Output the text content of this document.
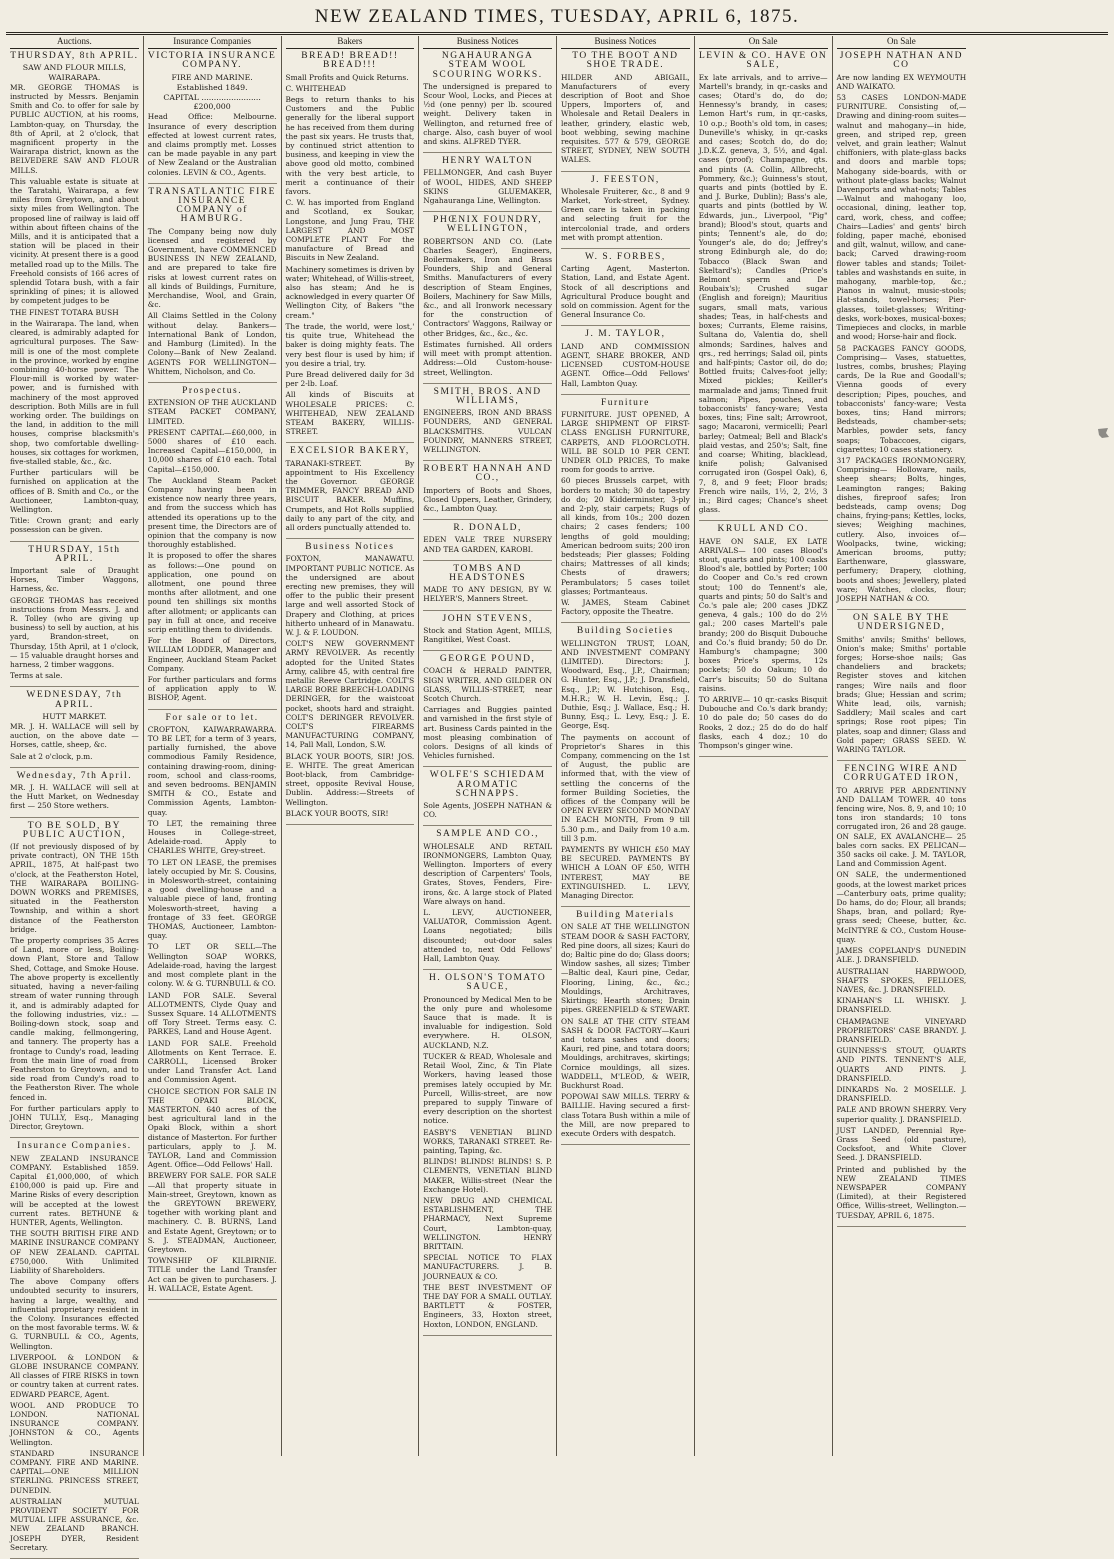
NEW ZEALAND TIMES, TUESDAY, APRIL 6, 1875.
Auctions.
THURSDAY, 8th APRIL.
SAW AND FLOUR MILLS, WAIRARAPA.

MR. GEORGE THOMAS is instructed by Messrs. Benjamin Smith and Co. to offer for sale by PUBLIC AUCTION, at his rooms, Lambton-quay, on Thursday, the 8th of April, at 2 o'clock, that magnificent property in the Wairarapa district, known as the BELVEDERE SAW AND FLOUR MILLS.

This valuable estate is situate at the Taratahi, Wairarapa, a few miles from Greytown, and about sixty miles from Wellington. The proposed line of railway is laid off within about fifteen chains of the Mills, and it is anticipated that a station will be placed in their vicinity. At present there is a good metalled road up to the Mills. The Freehold consists of 166 acres of splendid Totara bush, with a fair sprinkling of pines; it is allowed by competent judges to be

THE FINEST TOTARA BUSH

in the Wairarapa. The land, when cleared, is admirably adapted for agricultural purposes. The Saw-mill is one of the most complete in the province, worked by engine combining 40-horse power. The Flour-mill is worked by water-power, and is furnished with machinery of the most approved description. Both Mills are in full working order. The buildings on the land, in addition to the mill houses, comprise blacksmith's shop, two comfortable dwelling-houses, six cottages for workmen, five-stalled stable, &c., &c.

Further particulars will be furnished on application at the offices of B. Smith and Co., or the Auctioneer, Lambton-quay, Wellington.

Title: Crown grant; and early possession can be given.

THURSDAY, 15th APRIL.

Important sale of Draught Horses, Timber Waggons, Harness, &c.

GEORGE THOMAS has received instructions from Messrs. J. and R. Tolley (who are giving up business) to sell by auction, at his yard, Brandon-street, on Thursday, 15th April, at 1 o'clock, — 15 valuable draught horses and harness, 2 timber waggons.

Terms at sale.

WEDNESDAY, 7th APRIL.
HUTT MARKET.

MR. J. H. WALLACE will sell by auction, on the above date — Horses, cattle, sheep, &c.

Sale at 2 o'clock, p.m.

Wednesday, 7th April.

MR. J. H. WALLACE will sell at the Hutt Market, on Wednesday first — 250 Store wethers.

TO BE SOLD, BY PUBLIC AUCTION,

(If not previously disposed of by private contract), ON THE 15th APRIL, 1875, At half-past two o'clock, at the Featherston Hotel, THE WAIRARAPA BOILING-DOWN WORKS and PREMISES, situated in the Featherston Township, and within a short distance of the Featherston bridge.

The property comprises 35 Acres of Land, more or less, Boiling-down Plant, Store and Tallow Shed, Cottage, and Smoke House. The above property is excellently situated, having a never-failing stream of water running through it, and is admirably adapted for the following industries, viz.: — Boiling-down stock, soap and candle making, fellmongering, and tannery. The property has a frontage to Cundy's road, leading from the main line of road from Featherston to Greytown, and to side road from Cundy's road to the Featherston River. The whole fenced in.

For further particulars apply to JOHN TULLY, Esq., Managing Director, Greytown.

Insurance Companies.

NEW ZEALAND INSURANCE COMPANY. Established 1859. Capital £1,000,000, of which £100,000 is paid up. Fire and Marine Risks of every description will be accepted at the lowest current rates. BETHUNE & HUNTER, Agents, Wellington.

THE SOUTH BRITISH FIRE AND MARINE INSURANCE COMPANY OF NEW ZEALAND. CAPITAL £750,000. With Unlimited Liability of Shareholders.

The above Company offers undoubted security to insurers, having a large, wealthy, and influential proprietary resident in the Colony. Insurances effected on the most favorable terms. W. & G. TURNBULL & CO., Agents, Wellington.

LIVERPOOL & LONDON & GLOBE INSURANCE COMPANY. All classes of FIRE RISKS in town or country taken at current rates. EDWARD PEARCE, Agent.

WOOL AND PRODUCE TO LONDON. NATIONAL INSURANCE COMPANY. JOHNSTON & CO., Agents Wellington.

STANDARD INSURANCE COMPANY. FIRE AND MARINE. CAPITAL—ONE MILLION STERLING. PRINCESS STREET, DUNEDIN.

AUSTRALIAN MUTUAL PROVIDENT SOCIETY FOR MUTUAL LIFE ASSURANCE, &c. NEW ZEALAND BRANCH. JOSEPH DYER, Resident Secretary.

Insurance Companies
VICTORIA INSURANCE COMPANY.
FIRE AND MARINE.
Established 1849.
CAPITAL ........................ £200,000

Head Office: Melbourne. Insurance of every description effected at lowest current rates, and claims promptly met. Losses can be made payable in any part of New Zealand or the Australian colonies. LEVIN & CO., Agents.

TRANSATLANTIC FIRE INSURANCE COMPANY of HAMBURG.

The Company being now duly licensed and registered by Government, have COMMENCED BUSINESS IN NEW ZEALAND, and are prepared to take fire risks at lowest current rates on all kinds of Buildings, Furniture, Merchandise, Wool, and Grain, &c.

All Claims Settled in the Colony without delay. Bankers—International Bank of London, and Hamburg (Limited). In the Colony—Bank of New Zealand. AGENTS FOR WELLINGTON—Whittem, Nicholson, and Co.

Prospectus.

EXTENSION OF THE AUCKLAND STEAM PACKET COMPANY, LIMITED.

PRESENT CAPITAL—£60,000, in 5000 shares of £10 each. Increased Capital—£150,000, in 10,000 shares of £10 each. Total Capital—£150,000.

The Auckland Steam Packet Company having been in existence now nearly three years, and from the success which has attended its operations up to the present time, the Directors are of opinion that the company is now thoroughly established.

It is proposed to offer the shares as follows:—One pound on application, one pound on allotment, one pound three months after allotment, and one pound ten shillings six months after allotment; or applicants can pay in full at once, and receive scrip entitling them to dividends.

For the Board of Directors, WILLIAM LODDER, Manager and Engineer, Auckland Steam Packet Company.

For further particulars and forms of application apply to W. BISHOP, Agent.

For sale or to let.

CROFTON, KAIWARRAWARRA. TO BE LET, for a term of 3 years, partially furnished, the above commodious Family Residence, containing drawing-room, dining-room, school and class-rooms, and seven bedrooms. BENJAMIN SMITH & CO., Estate and Commission Agents, Lambton-quay.

TO LET, the remaining three Houses in College-street, Adelaide-road. Apply to CHARLES WHITE, Grey-street.

TO LET ON LEASE, the premises lately occupied by Mr. S. Cousins, in Molesworth-street, containing a good dwelling-house and a valuable piece of land, fronting Molesworth-street, having a frontage of 33 feet. GEORGE THOMAS, Auctioneer, Lambton-quay.

TO LET OR SELL—The Wellington SOAP WORKS, Adelaide-road, having the largest and most complete plant in the colony. W. & G. TURNBULL & CO.

LAND FOR SALE. Several ALLOTMENTS, Clyde Quay and Sussex Square. 14 ALLOTMENTS off Tory Street. Terms easy. C. PARKES, Land and House Agent.

LAND FOR SALE. Freehold Allotments on Kent Terrace. E. CARROLL, Licensed Broker under Land Transfer Act. Land and Commission Agent.

CHOICE SECTION FOR SALE IN THE OPAKI BLOCK, MASTERTON. 640 acres of the best agricultural land in the Opaki Block, within a short distance of Masterton. For further particulars, apply to J. M. TAYLOR, Land and Commission Agent. Office—Odd Fellows' Hall.

BREWERY FOR SALE. FOR SALE—All that property situate in Main-street, Greytown, known as the GREYTOWN BREWERY, together with working plant and machinery. C. B. BURNS, Land and Estate Agent, Greytown; or to S. J. STEADMAN, Auctioneer, Greytown.

TOWNSHIP OF KILBIRNIE. TITLE under the Land Transfer Act can be given to purchasers. J. H. WALLACE, Estate Agent.

Bakers
BREAD! BREAD!! BREAD!!!

Small Profits and Quick Returns.

C. WHITEHEAD

Begs to return thanks to his Customers and the Public generally for the liberal support he has received from them during the past six years. He trusts that, by continued strict attention to business, and keeping in view the above good old motto, combined with the very best article, to merit a continuance of their favors.

C. W. has imported from England and Scotland, ex Soukar, Longstone, and Jung Frau, THE LARGEST AND MOST COMPLETE PLANT For the manufacture of Bread and Biscuits in New Zealand.

Machinery sometimes is driven by water; Whitehead, of Willis-street, also has steam; And he is acknowledged in every quarter Of Wellington City, of Bakers "the cream."

The trade, the world, were lost,' tis quite true, Whitehead the baker is doing mighty feats. The very best flour is used by him; if you desire a trial, try.

Pure Bread delivered daily for 3d per 2-lb. Loaf.

All kinds of Biscuits at WHOLESALE PRICES: C. WHITEHEAD, NEW ZEALAND STEAM BAKERY, WILLIS-STREET.

EXCELSIOR BAKERY,

TARANAKI-STREET. By appointment to His Excellency the Governor. GEORGE TRIMMER, FANCY BREAD AND BISCUIT BAKER. Muffins, Crumpets, and Hot Rolls supplied daily to any part of the city, and all orders punctually attended to.

Business Notices

FOXTON, MANAWATU. IMPORTANT PUBLIC NOTICE. As the undersigned are about erecting new premises, they will offer to the public their present large and well assorted Stock of Drapery and Clothing, at prices hitherto unheard of in Manawatu. W. J. & F. LOUDON.

COLT'S NEW GOVERNMENT ARMY REVOLVER. As recently adopted for the United States Army, calibre 45, with central fire metallic Reeve Cartridge. COLT'S LARGE BORE BREECH-LOADING DERINGER, for the waistcoat pocket, shoots hard and straight. COLT'S DERINGER REVOLVER. COLT'S FIREARMS MANUFACTURING COMPANY, 14, Pall Mall, London, S.W.

BLACK YOUR BOOTS, SIR! JOS. E. WHITE. The great American Boot-black, from Cambridge-street, opposite Revival House, Dublin. Address:—Streets of Wellington.

BLACK YOUR BOOTS, SIR!

Business Notices
NGAHAURANGA STEAM WOOL SCOURING WORKS.

The undersigned is prepared to Scour Wool, Locks, and Pieces at ½d (one penny) per lb. scoured weight. Delivery taken in Wellington, and returned free of charge. Also, cash buyer of wool and skins. ALFRED TYER.

HENRY WALTON

FELLMONGER, And cash Buyer of WOOL, HIDES, AND SHEEP SKINS GLUEMAKER, Ngahauranga Line, Wellington.

PHŒNIX FOUNDRY, WELLINGTON,

ROBERTSON AND CO. (Late Charles Seager), Engineers, Boilermakers, Iron and Brass Founders, Ship and General Smiths. Manufacturers of every description of Steam Engines, Boilers, Machinery for Saw Mills, &c., and all Ironwork necessary for the construction of Contractors' Waggons, Railway or other Bridges, &c., &c., &c.

Estimates furnished. All orders will meet with prompt attention. Address:—Old Custom-house-street, Wellington.

SMITH, BROS. AND WILLIAMS,

ENGINEERS, IRON AND BRASS FOUNDERS, AND GENERAL BLACKSMITHS. VULCAN FOUNDRY, MANNERS STREET, WELLINGTON.

ROBERT HANNAH AND CO.,

Importers of Boots and Shoes, Closed Uppers, Leather, Grindery, &c., Lambton Quay.

R. DONALD,

EDEN VALE TREE NURSERY AND TEA GARDEN, KAROBI.

TOMBS AND HEADSTONES

MADE TO ANY DESIGN, BY W. HELYER'S, Manners Street.

JOHN STEVENS,

Stock and Station Agent, MILLS, Rangitikei, West Coast.

GEORGE POUND,

COACH & HERALD PAINTER, SIGN WRITER, AND GILDER ON GLASS, WILLIS-STREET, near Scotch Church.

Carriages and Buggies painted and varnished in the first style of art. Business Cards painted in the most pleasing combination of colors. Designs of all kinds of Vehicles furnished.

WOLFE'S SCHIEDAM AROMATIC SCHNAPPS.

Sole Agents, JOSEPH NATHAN & CO.

SAMPLE AND CO.,

WHOLESALE AND RETAIL IRONMONGERS, Lambton Quay, Wellington. Importers of every description of Carpenters' Tools, Grates, Stoves, Fenders, Fire-irons, &c. A large stock of Plated Ware always on hand.

L. LEVY, AUCTIONEER, VALUATOR, Commission Agent. Loans negotiated; bills discounted; out-door sales attended to, next Odd Fellows' Hall, Lambton Quay.

H. OLSON'S TOMATO SAUCE,

Pronounced by Medical Men to be the only pure and wholesome Sauce that is made. It is invaluable for indigestion. Sold everywhere. H. OLSON, AUCKLAND, N.Z.

TUCKER & READ, Wholesale and Retail Wool, Zinc, & Tin Plate Workers, having leased those premises lately occupied by Mr. Purcell, Willis-street, are now prepared to supply Tinware of every description on the shortest notice.

EASBY'S VENETIAN BLIND WORKS, TARANAKI STREET. Re-painting, Taping, &c.

BLINDS! BLINDS! BLINDS! S. P. CLEMENTS, VENETIAN BLIND MAKER, Willis-street (Near the Exchange Hotel).

NEW DRUG AND CHEMICAL ESTABLISHMENT, THE PHARMACY, Next Supreme Court, Lambton-quay, WELLINGTON. HENRY BRITTAIN.

SPECIAL NOTICE TO FLAX MANUFACTURERS. J. B. JOURNEAUX & CO.

THE BEST INVESTMENT OF THE DAY FOR A SMALL OUTLAY. BARTLETT & FOSTER, Engineers, 33, Hoxton street, Hoxton, LONDON, ENGLAND.

Business Notices
TO THE BOOT AND SHOE TRADE.

HILDER AND ABIGAIL, Manufacturers of every description of Boot and Shoe Uppers, Importers of, and Wholesale and Retail Dealers in leather, grindery, elastic web, boot webbing, sewing machine requisites. 577 & 579, GEORGE STREET, SYDNEY, NEW SOUTH WALES.

J. FEESTON,

Wholesale Fruiterer, &c., 8 and 9 Market, York-street, Sydney. Green care is taken in packing and selecting fruit for the intercolonial trade, and orders met with prompt attention.

W. S. FORBES,

Carting Agent, Masterton. Station, Land, and Estate Agent. Stock of all descriptions and Agricultural Produce bought and sold on commission. Agent for the General Insurance Co.

J. M. TAYLOR,

LAND AND COMMISSION AGENT, SHARE BROKER, AND LICENSED CUSTOM-HOUSE AGENT. Office—Odd Fellows' Hall, Lambton Quay.

Furniture

FURNITURE. JUST OPENED, A LARGE SHIPMENT OF FIRST-CLASS ENGLISH FURNITURE, CARPETS, AND FLOORCLOTH. WILL BE SOLD 10 PER CENT. UNDER OLD PRICES, To make room for goods to arrive.

60 pieces Brussels carpet, with borders to match; 30 do tapestry do do; 20 Kidderminster, 3-ply and 2-ply, stair carpets; Rugs of all kinds, from 10s.; 200 dozen chairs; 2 cases fenders; 100 lengths of gold moulding; American bedroom suits; 200 iron bedsteads; Pier glasses; Folding chairs; Mattresses of all kinds; Chests of drawers; Perambulators; 5 cases toilet glasses; Portmanteaus.

W. JAMES, Steam Cabinet Factory, opposite the Theatre.

Building Societies

WELLINGTON TRUST, LOAN, AND INVESTMENT COMPANY (LIMITED). Directors: J. Woodward, Esq., J.P., Chairman; G. Hunter, Esq., J.P.; J. Dransfield, Esq., J.P.; W. Hutchison, Esq., M.H.R.; W. H. Levin, Esq.; J. Duthie, Esq.; J. Wallace, Esq.; H. Bunny, Esq.; L. Levy, Esq.; J. E. George, Esq.

The payments on account of Proprietor's Shares in this Company, commencing on the 1st of August, the public are informed that, with the view of settling the concerns of the former Building Societies, the offices of the Company will be OPEN EVERY SECOND MONDAY IN EACH MONTH, From 9 till 5.30 p.m., and Daily from 10 a.m. till 3 p.m.

PAYMENTS BY WHICH £50 MAY BE SECURED. PAYMENTS BY WHICH A LOAN OF £50, WITH INTEREST, MAY BE EXTINGUISHED. L. LEVY, Managing Director.

Building Materials

ON SALE AT THE WELLINGTON STEAM DOOR & SASH FACTORY, Red pine doors, all sizes; Kauri do do; Baltic pine do do; Glass doors; Window sashes, all sizes; Timber—Baltic deal, Kauri pine, Cedar, Flooring, Lining, &c., &c.; Mouldings, Architraves, Skirtings; Hearth stones; Drain pipes. GREENFIELD & STEWART.

ON SALE AT THE CITY STEAM SASH & DOOR FACTORY—Kauri and totara sashes and doors; Kauri, red pine, and totara doors; Mouldings, architraves, skirtings; Cornice mouldings, all sizes. WADDELL, M'LEOD, & WEIR, Buckhurst Road.

POPOWAI SAW MILLS. TERRY & BAILLIE. Having secured a first-class Totara Bush within a mile of the Mill, are now prepared to execute Orders with despatch.

On Sale
LEVIN & CO. HAVE ON SALE,

Ex late arrivals, and to arrive—Martell's brandy, in qr.-casks and cases; Otard's do, do do; Hennessy's brandy, in cases; Lemon Hart's rum, in qr.-casks, 10 o.p.; Booth's old tom, in cases; Duneville's whisky, in qr.-casks and cases; Scotch do, do do; J.D.K.Z. geneva, 3, 5½, and 4gal. cases (proof); Champagne, qts. and pints (A. Collin, Allbrecht, Pommery, &c.); Guinness's stout, quarts and pints (bottled by E. and J. Burke, Dublin); Bass's ale, quarts and pints (bottled by W. Edwards, jun., Liverpool, "Pig" brand); Blood's stout, quarts and pints; Tennent's ale, do do; Younger's ale, do do; Jeffrey's strong Edinburgh ale, do do; Tobacco (Black Swan and Skeltard's); Candles (Price's Belmont sperm and De Roubaix's); Crushed sugar (English and foreign); Mauritius sugars, small mats, various shades; Teas, in half-chests and boxes; Currants, Eleme raisins, Sultana do, Valentia do, shell almonds; Sardines, halves and qrs., red herrings; Salad oil, pints and half-pints; Castor oil, do do; Bottled fruits; Calves-foot jelly; Mixed pickles; Keiller's marmalade and jams; Tinned fruit salmon; Pipes, pouches, and tobacconists' fancy-ware; Vesta boxes, tins; Fine salt; Arrowroot, sago; Macaroni, vermicelli; Pearl barley; Oatmeal; Bell and Black's plaid vestas, and 250's; Salt, fine and coarse; Whiting, blacklead, knife polish; Galvanised corrugated iron (Gospel Oak), 6, 7, 8, and 9 feet; Floor brads; French wire nails, 1½, 2, 2½, 3 in.; Bird cages; Chance's sheet glass.

KRULL AND CO.

HAVE ON SALE, EX LATE ARRIVALS— 100 cases Blood's stout, quarts and pints; 100 casks Blood's ale, bottled by Porter; 100 do Cooper and Co.'s red crown stout; 100 do Tennent's ale, quarts and pints; 50 do Salt's and Co.'s pale ale; 200 cases JDKZ geneva, 4 gals.; 100 do do 2½ gal.; 200 cases Martell's pale brandy; 200 do Bisquit Dubouche and Co.'s fluid brandy; 50 do Dr. Hamburg's champagne; 300 boxes Price's sperms, 12s pockets; 50 do Oakum; 10 do Carr's biscuits; 50 do Sultana raisins.

TO ARRIVE— 10 qr.-casks Bisquit Dubouche and Co.'s dark brandy; 10 do pale do; 50 cases do do Rooks, 2 doz.; 25 do do do half flasks, each 4 doz.; 10 do Thompson's ginger wine.

On Sale
JOSEPH NATHAN AND CO

Are now landing EX WEYMOUTH AND WAIKATO.

53 CASES LONDON-MADE FURNITURE. Consisting of,—Drawing and dining-room suites—walnut and mahogany—in hide, green, and striped rep, green velvet, and grain leather; Walnut chiffoniers, with plate-glass backs and doors and marble tops; Mahogany side-boards, with or without plate-glass backs; Walnut Davenports and what-nots; Tables—Walnut and mahogany loo, occasional, dining, leather top, card, work, chess, and coffee; Chairs—Ladies' and gents' birch folding, paper maché, ebonised and gilt, walnut, willow, and cane-back; Carved drawing-room flower tables and stands; Toilet-tables and washstands en suite, in mahogany, marble-top, &c.; Pianos in walnut, music-stools; Hat-stands, towel-horses; Pier-glasses, toilet-glasses; Writing-desks, work-boxes, musical-boxes; Timepieces and clocks, in marble and wood; Horse-hair and flock.

58 PACKAGES FANCY GOODS, Comprising— Vases, statuettes, lustres, combs, brushes; Playing cards, De la Rue and Goodall's; Vienna goods of every description; Pipes, pouches, and tobacconists' fancy-ware; Vesta boxes, tins; Hand mirrors; Bedsteads, chamber-sets; Marbles, powder sets, fancy soaps; Tobaccoes, cigars, cigarettes; 10 cases stationery.

317 PACKAGES IRONMONGERY, Comprising— Holloware, nails, sheep shears; Bolts, hinges, Leamington ranges; Baking dishes, fireproof safes; Iron bedsteads, camp ovens; Dog chains, frying-pans; Kettles, locks, sieves; Weighing machines, cutlery. Also, invoices of—Woolpacks, twine, wicking; American brooms, putty; Earthenware, glassware, perfumery; Drapery, clothing, boots and shoes; Jewellery, plated ware; Watches, clocks, flour; JOSEPH NATHAN & CO.

ON SALE BY THE UNDERSIGNED,

Smiths' anvils; Smiths' bellows, Onion's make; Smiths' portable forges; Horse-shoe nails; Gas chandeliers and brackets; Register stoves and kitchen ranges; Wire nails and floor brads; Glue; Hessian and scrim; White lead, oils, varnish; Saddlery; Mail scales and cart springs; Rose root pipes; Tin plates, soap and dinner; Glass and Gold paper; GRASS SEED. W. WARING TAYLOR.

FENCING WIRE AND CORRUGATED IRON,

TO ARRIVE PER ARDENTINNY AND DALLAM TOWER. 40 tons fencing wire, Nos. 8, 9, and 10; 10 tons iron standards; 10 tons corrugated iron, 26 and 28 gauge. ON SALE, EX AVALANCHE— 25 bales corn sacks. EX PELICAN— 350 sacks oil cake. J. M. TAYLOR, Land and Commission Agent.

ON SALE, the undermentioned goods, at the lowest market prices—Canterbury oats, prime quality; Do hams, do do; Flour, all brands; Shaps, bran, and pollard; Rye-grass seed; Cheese, butter, &c. McINTYRE & CO., Custom House-quay.

JAMES COPELAND'S DUNEDIN ALE. J. DRANSFIELD.

AUSTRALIAN HARDWOOD, SHAFTS SPOKES, FELLOES, NAVES, &c. J. DRANSFIELD.

KINAHAN'S LL WHISKY. J. DRANSFIELD.

CHAMPAGNE VINEYARD PROPRIETORS' CASE BRANDY. J. DRANSFIELD.

GUINNESS'S STOUT, QUARTS AND PINTS. TENNENT'S ALE, QUARTS AND PINTS. J. DRANSFIELD.

DINKARDS No. 2 MOSELLE. J. DRANSFIELD.

PALE AND BROWN SHERRY. Very superior quality. J. DRANSFIELD.

JUST LANDED, Perennial Rye-Grass Seed (old pasture), Cocksfoot, and White Clover Seed. J. DRANSFIELD.

Printed and published by the NEW ZEALAND TIMES NEWSPAPER COMPANY (Limited), at their Registered Office, Willis-street, Wellington.—TUESDAY, APRIL 6, 1875.
